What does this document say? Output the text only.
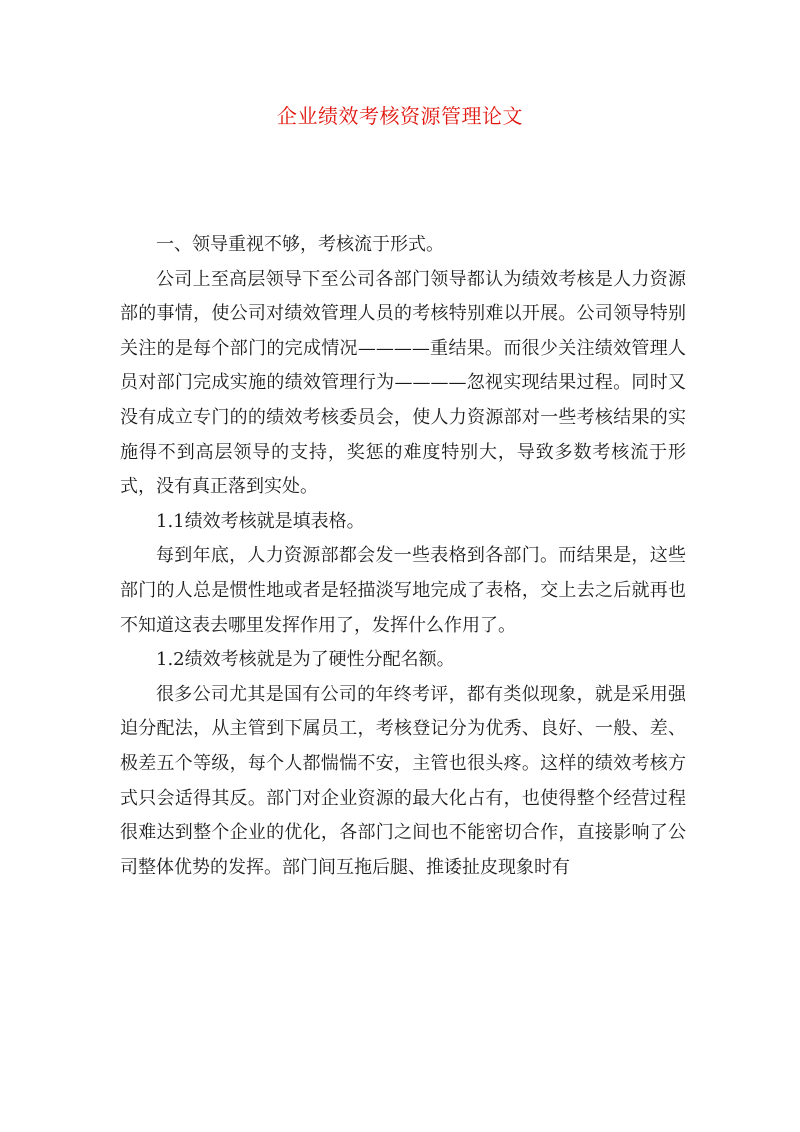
企业绩效考核资源管理论文

一、领导重视不够，考核流于形式。

公司上至高层领导下至公司各部门领导都认为绩效考核是人力资源部的事情，使公司对绩效管理人员的考核特别难以开展。公司领导特别关注的是每个部门的完成情况————重结果。而很少关注绩效管理人员对部门完成实施的绩效管理行为————忽视实现结果过程。同时又没有成立专门的的绩效考核委员会，使人力资源部对一些考核结果的实施得不到高层领导的支持，奖惩的难度特别大，导致多数考核流于形式，没有真正落到实处。

1.1绩效考核就是填表格。

每到年底，人力资源部都会发一些表格到各部门。而结果是，这些部门的人总是惯性地或者是轻描淡写地完成了表格，交上去之后就再也不知道这表去哪里发挥作用了，发挥什么作用了。

1.2绩效考核就是为了硬性分配名额。

很多公司尤其是国有公司的年终考评，都有类似现象，就是采用强迫分配法，从主管到下属员工，考核登记分为优秀、良好、一般、差、极差五个等级，每个人都惴惴不安，主管也很头疼。这样的绩效考核方式只会适得其反。部门对企业资源的最大化占有，也使得整个经营过程很难达到整个企业的优化，各部门之间也不能密切合作，直接影响了公司整体优势的发挥。部门间互拖后腿、推诿扯皮现象时有
